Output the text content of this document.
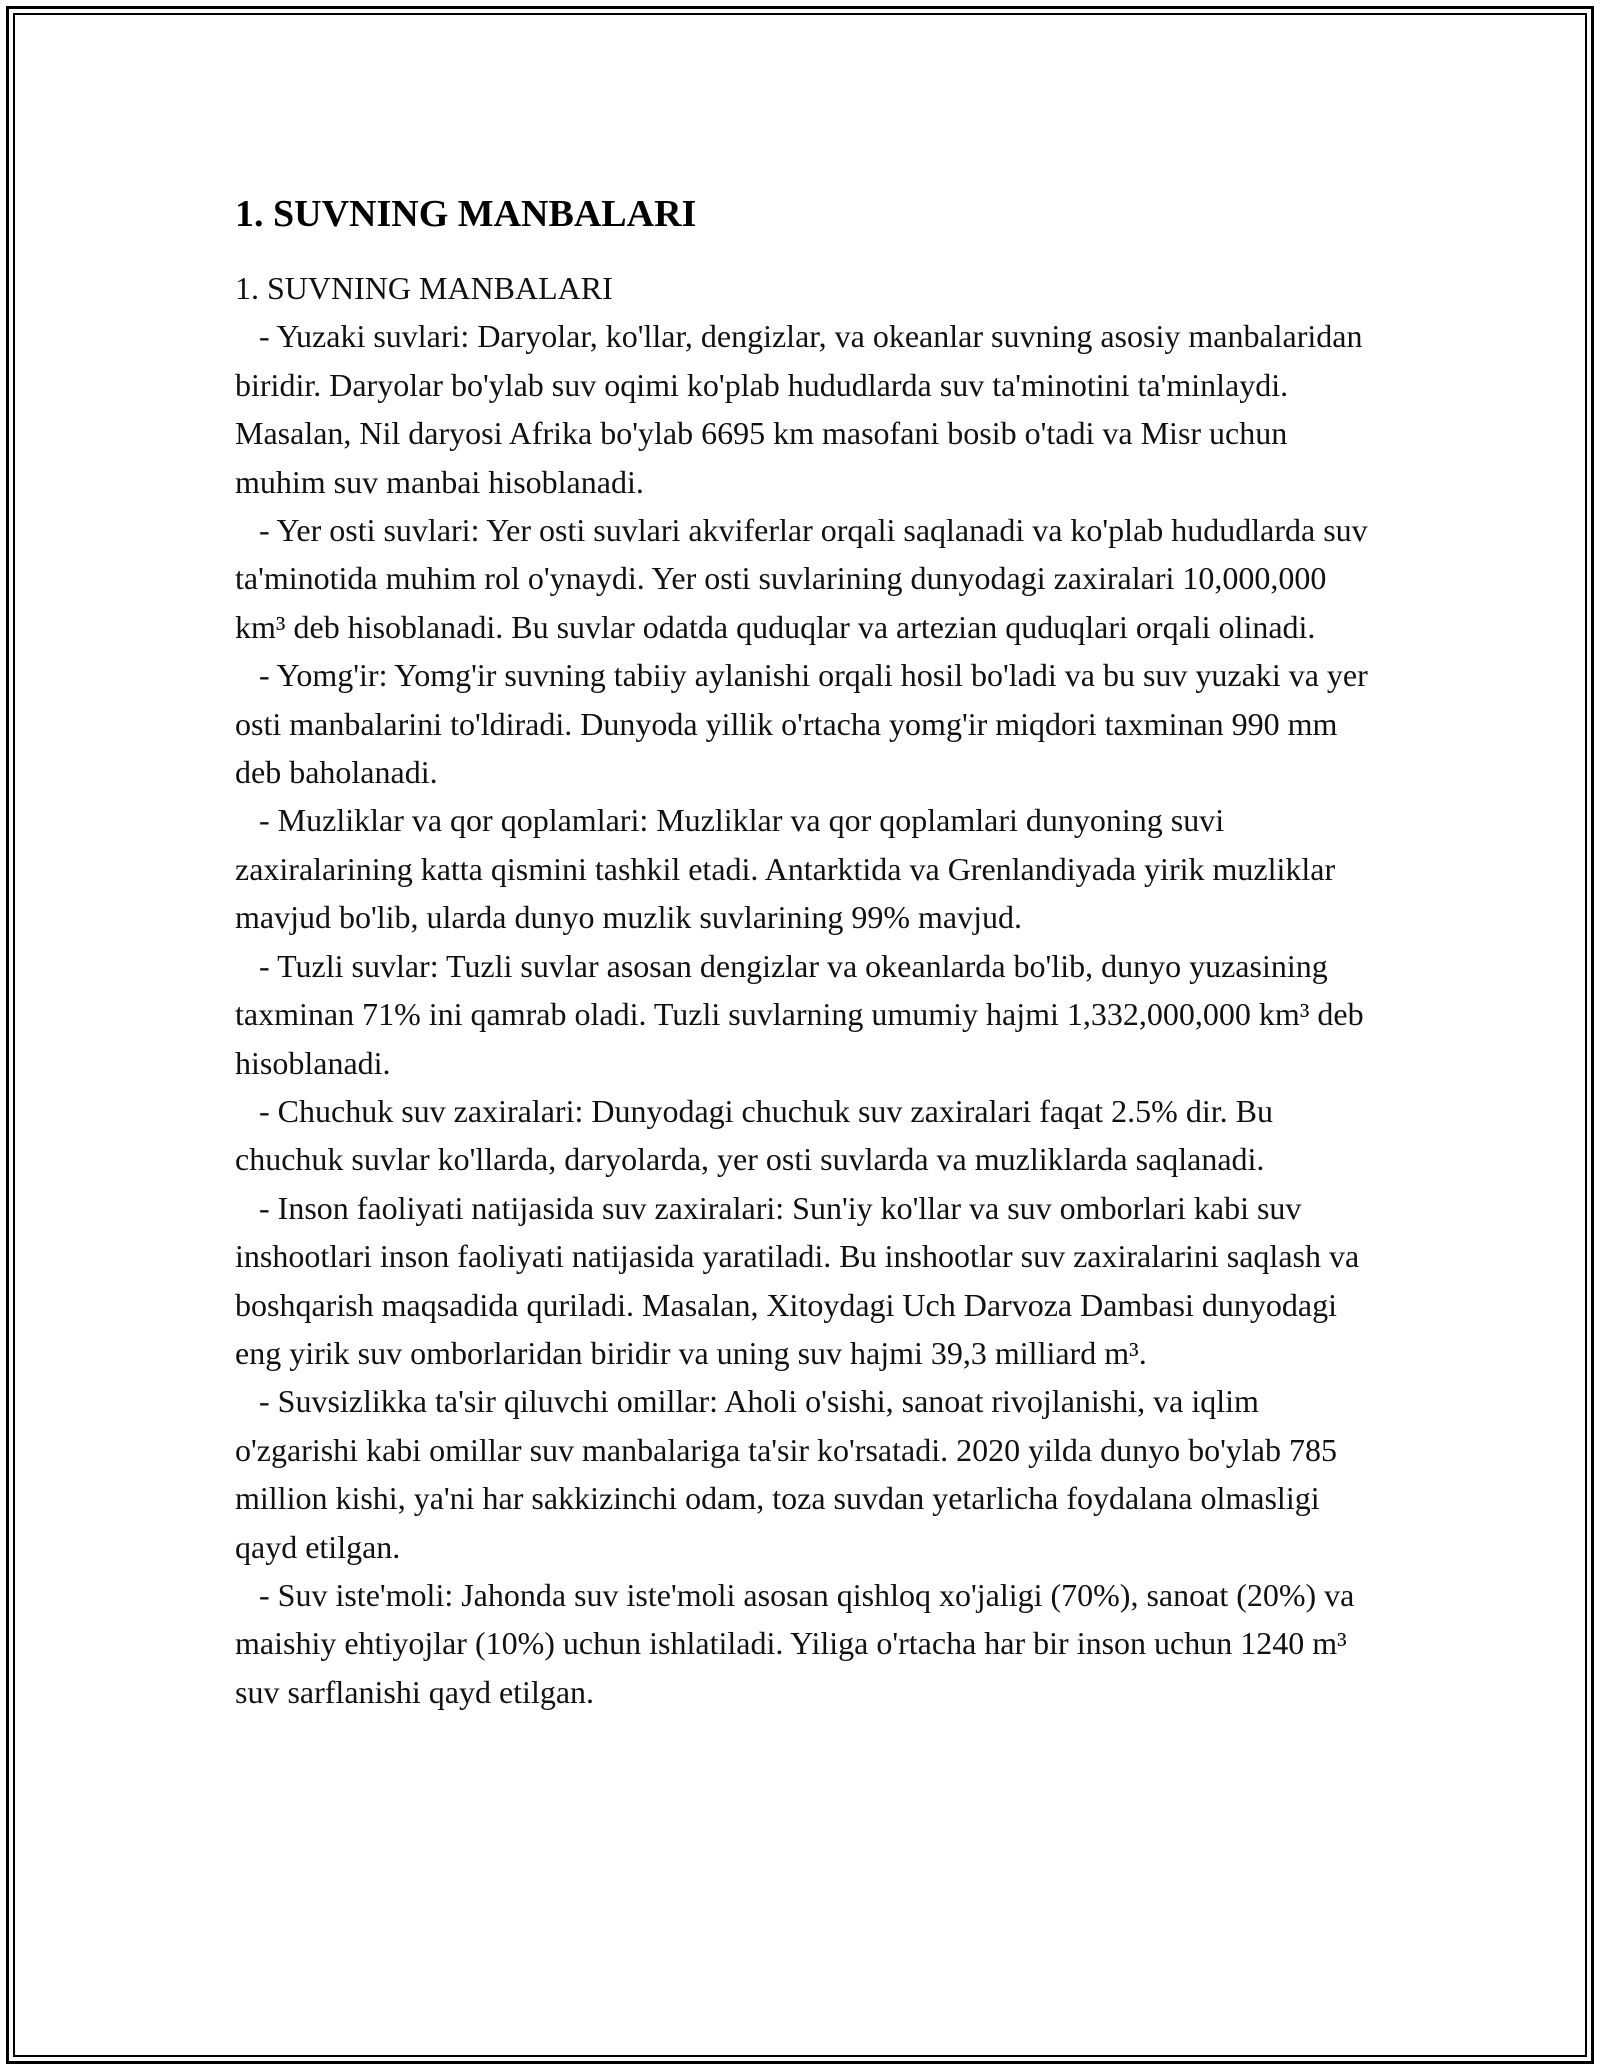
1. SUVNING MANBALARI

1. SUVNING MANBALARI

- Yuzaki suvlari: Daryolar, ko'llar, dengizlar, va okeanlar suvning asosiy manbalaridan biridir. Daryolar bo'ylab suv oqimi ko'plab hududlarda suv ta'minotini ta'minlaydi. Masalan, Nil daryosi Afrika bo'ylab 6695 km masofani bosib o'tadi va Misr uchun muhim suv manbai hisoblanadi.

- Yer osti suvlari: Yer osti suvlari akviferlar orqali saqlanadi va ko'plab hududlarda suv ta'minotida muhim rol o'ynaydi. Yer osti suvlarining dunyodagi zaxiralari 10,000,000 km³ deb hisoblanadi. Bu suvlar odatda quduqlar va artezian quduqlari orqali olinadi.

- Yomg'ir: Yomg'ir suvning tabiiy aylanishi orqali hosil bo'ladi va bu suv yuzaki va yer osti manbalarini to'ldiradi. Dunyoda yillik o'rtacha yomg'ir miqdori taxminan 990 mm deb baholanadi.

- Muzliklar va qor qoplamlari: Muzliklar va qor qoplamlari dunyoning suvi zaxiralarining katta qismini tashkil etadi. Antarktida va Grenlandiyada yirik muzliklar mavjud bo'lib, ularda dunyo muzlik suvlarining 99% mavjud.

- Tuzli suvlar: Tuzli suvlar asosan dengizlar va okeanlarda bo'lib, dunyo yuzasining taxminan 71% ini qamrab oladi. Tuzli suvlarning umumiy hajmi 1,332,000,000 km³ deb hisoblanadi.

- Chuchuk suv zaxiralari: Dunyodagi chuchuk suv zaxiralari faqat 2.5% dir. Bu chuchuk suvlar ko'llarda, daryolarda, yer osti suvlarda va muzliklarda saqlanadi.

- Inson faoliyati natijasida suv zaxiralari: Sun'iy ko'llar va suv omborlari kabi suv inshootlari inson faoliyati natijasida yaratiladi. Bu inshootlar suv zaxiralarini saqlash va boshqarish maqsadida quriladi. Masalan, Xitoydagi Uch Darvoza Dambasi dunyodagi eng yirik suv omborlaridan biridir va uning suv hajmi 39,3 milliard m³.

- Suvsizlikka ta'sir qiluvchi omillar: Aholi o'sishi, sanoat rivojlanishi, va iqlim o'zgarishi kabi omillar suv manbalariga ta'sir ko'rsatadi. 2020 yilda dunyo bo'ylab 785 million kishi, ya'ni har sakkizinchi odam, toza suvdan yetarlicha foydalana olmasligi qayd etilgan.

- Suv iste'moli: Jahonda suv iste'moli asosan qishloq xo'jaligi (70%), sanoat (20%) va maishiy ehtiyojlar (10%) uchun ishlatiladi. Yiliga o'rtacha har bir inson uchun 1240 m³ suv sarflanishi qayd etilgan.
